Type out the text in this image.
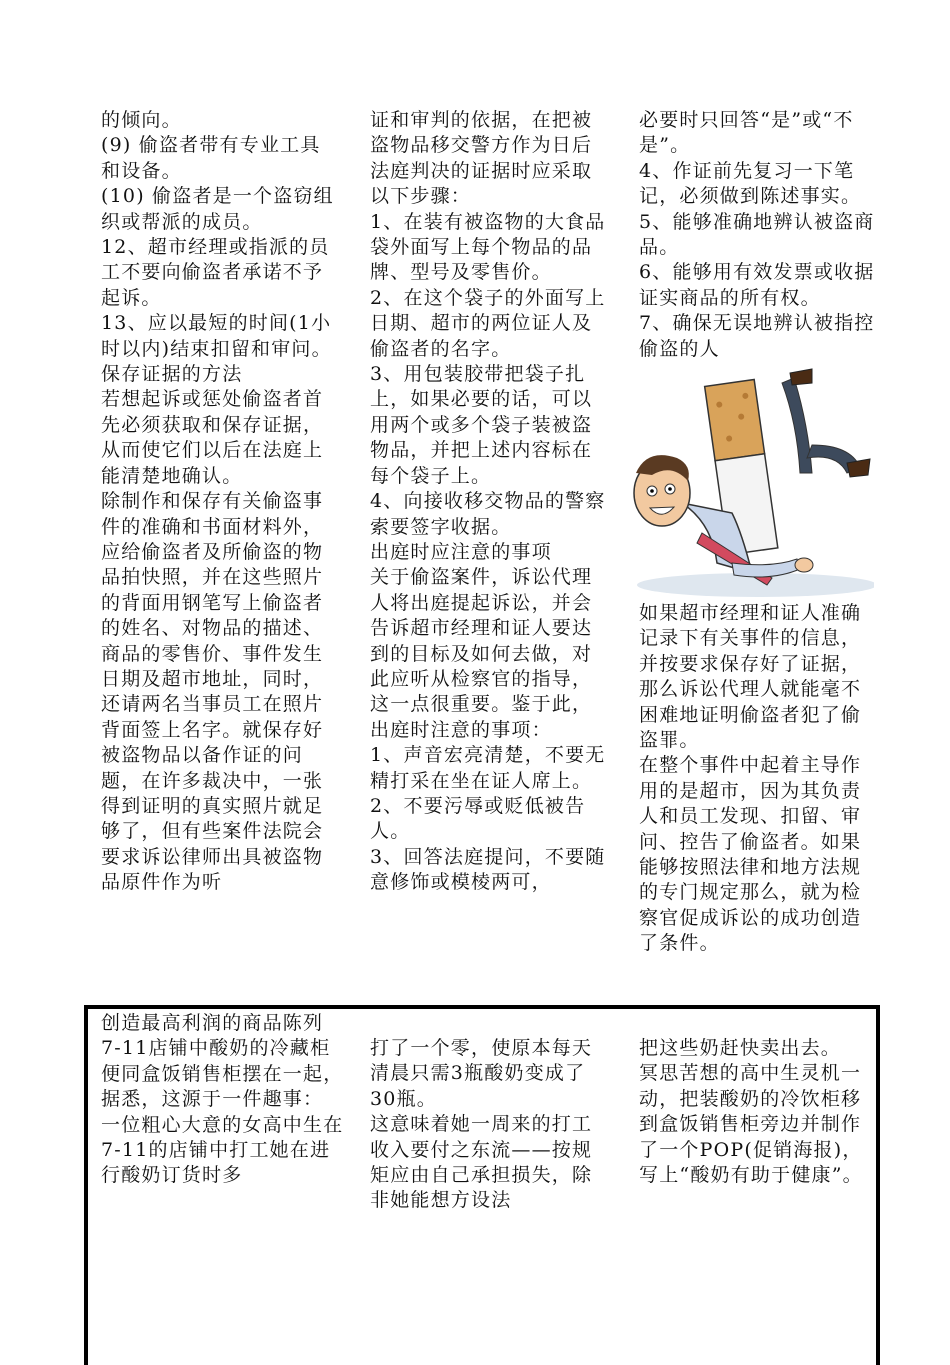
的倾向。

(9) 偷盗者带有专业工具和设备。

(10) 偷盗者是一个盗窃组织或帮派的成员。

12、超市经理或指派的员工不要向偷盗者承诺不予起诉。

13、应以最短的时间(1小时以内)结束扣留和审问。

保存证据的方法

若想起诉或惩处偷盗者首先必须获取和保存证据，从而使它们以后在法庭上能清楚地确认。

除制作和保存有关偷盗事件的准确和书面材料外，应给偷盗者及所偷盗的物品拍快照，并在这些照片的背面用钢笔写上偷盗者的姓名、对物品的描述、商品的零售价、事件发生日期及超市地址，同时，还请两名当事员工在照片背面签上名字。就保存好被盗物品以备作证的问题，在许多裁决中，一张得到证明的真实照片就足够了，但有些案件法院会要求诉讼律师出具被盗物品原件作为听

证和审判的依据，在把被盗物品移交警方作为日后法庭判决的证据时应采取以下步骤：

1、在装有被盗物的大食品袋外面写上每个物品的品牌、型号及零售价。

2、在这个袋子的外面写上日期、超市的两位证人及偷盗者的名字。

3、用包装胶带把袋子扎上，如果必要的话，可以用两个或多个袋子装被盗物品，并把上述内容标在每个袋子上。

4、向接收移交物品的警察索要签字收据。

出庭时应注意的事项

关于偷盗案件，诉讼代理人将出庭提起诉讼，并会告诉超市经理和证人要达到的目标及如何去做，对此应听从检察官的指导，这一点很重要。鉴于此，出庭时注意的事项：

1、声音宏亮清楚，不要无精打采在坐在证人席上。

2、不要污辱或贬低被告人。

3、回答法庭提问，不要随意修饰或模棱两可，

必要时只回答“是”或“不是”。

4、作证前先复习一下笔记，必须做到陈述事实。

5、能够准确地辨认被盗商品。

6、能够用有效发票或收据证实商品的所有权。

7、确保无误地辨认被指控偷盗的人

如果超市经理和证人准确记录下有关事件的信息，并按要求保存好了证据，那么诉讼代理人就能毫不困难地证明偷盗者犯了偷盗罪。

在整个事件中起着主导作用的是超市，因为其负责人和员工发现、扣留、审问、控告了偷盗者。如果能够按照法律和地方法规的专门规定那么，就为检察官促成诉讼的成功创造了条件。

创造最高利润的商品陈列

7-11店铺中酸奶的冷藏柜便同盒饭销售柜摆在一起，据悉，这源于一件趣事：

一位粗心大意的女高中生在7-11的店铺中打工她在进行酸奶订货时多

打了一个零，使原本每天清晨只需3瓶酸奶变成了30瓶。

这意味着她一周来的打工收入要付之东流——按规矩应由自己承担损失，除非她能想方设法

把这些奶赶快卖出去。

冥思苦想的高中生灵机一动，把装酸奶的冷饮柜移到盒饭销售柜旁边并制作了一个POP(促销海报)，写上“酸奶有助于健康”。
